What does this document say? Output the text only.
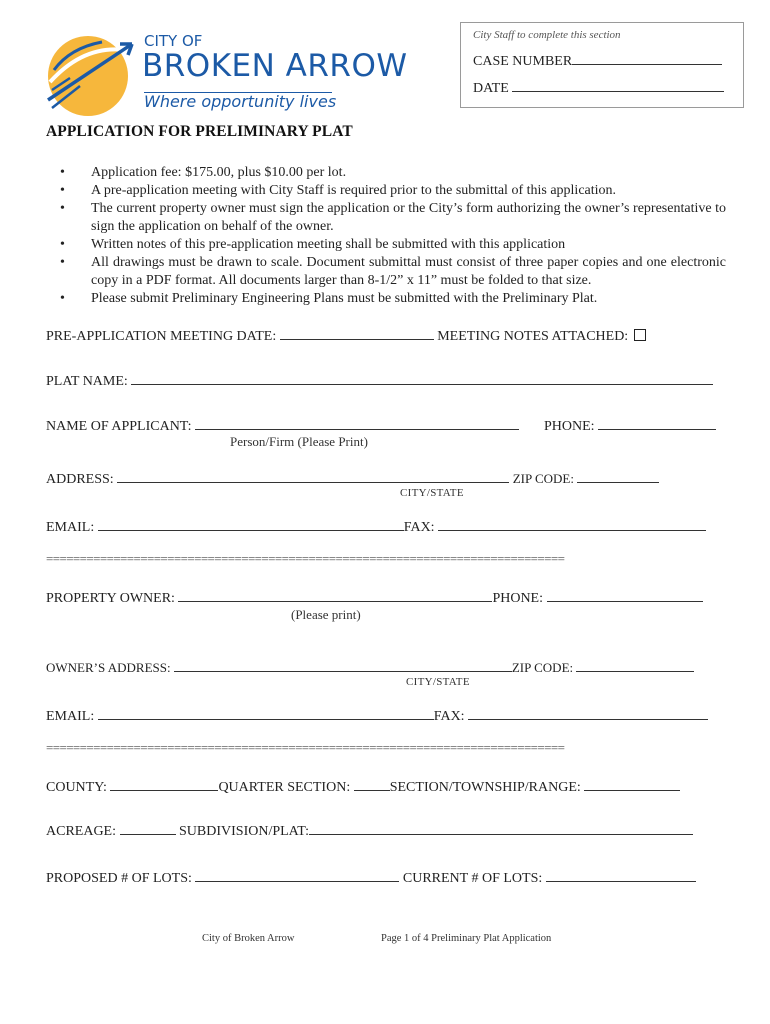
CITY OF
BROKEN ARROW
Where opportunity lives
City Staff to complete this section
CASE NUMBER
DATE
APPLICATION FOR PRELIMINARY PLAT
• Application fee: $175.00, plus $10.00 per lot.
• A pre-application meeting with City Staff is required prior to the submittal of this application.
• The current property owner must sign the application or the City’s form authorizing the owner’s representative to sign the application on behalf of the owner.
• Written notes of this pre-application meeting shall be submitted with this application
• All drawings must be drawn to scale. Document submittal must consist of three paper copies and one electronic copy in a PDF format. All documents larger than 8-1/2” x 11” must be folded to that size.
• Please submit Preliminary Engineering Plans must be submitted with the Preliminary Plat.
PRE-APPLICATION MEETING DATE:	MEETING NOTES ATTACHED:
PLAT NAME:
NAME OF APPLICANT:	PHONE:
Person/Firm (Please Print)
ADDRESS:	ZIP CODE:
CITY/STATE
EMAIL:	FAX:
=============================================================================
PROPERTY OWNER:	PHONE:
(Please print)
OWNER’S ADDRESS:	ZIP CODE:
CITY/STATE
EMAIL:	FAX:
=============================================================================
COUNTY:	QUARTER SECTION:	SECTION/TOWNSHIP/RANGE:
ACREAGE:	SUBDIVISION/PLAT:
PROPOSED # OF LOTS:	CURRENT # OF LOTS:
City of Broken Arrow	Page 1 of 4 Preliminary Plat Application
